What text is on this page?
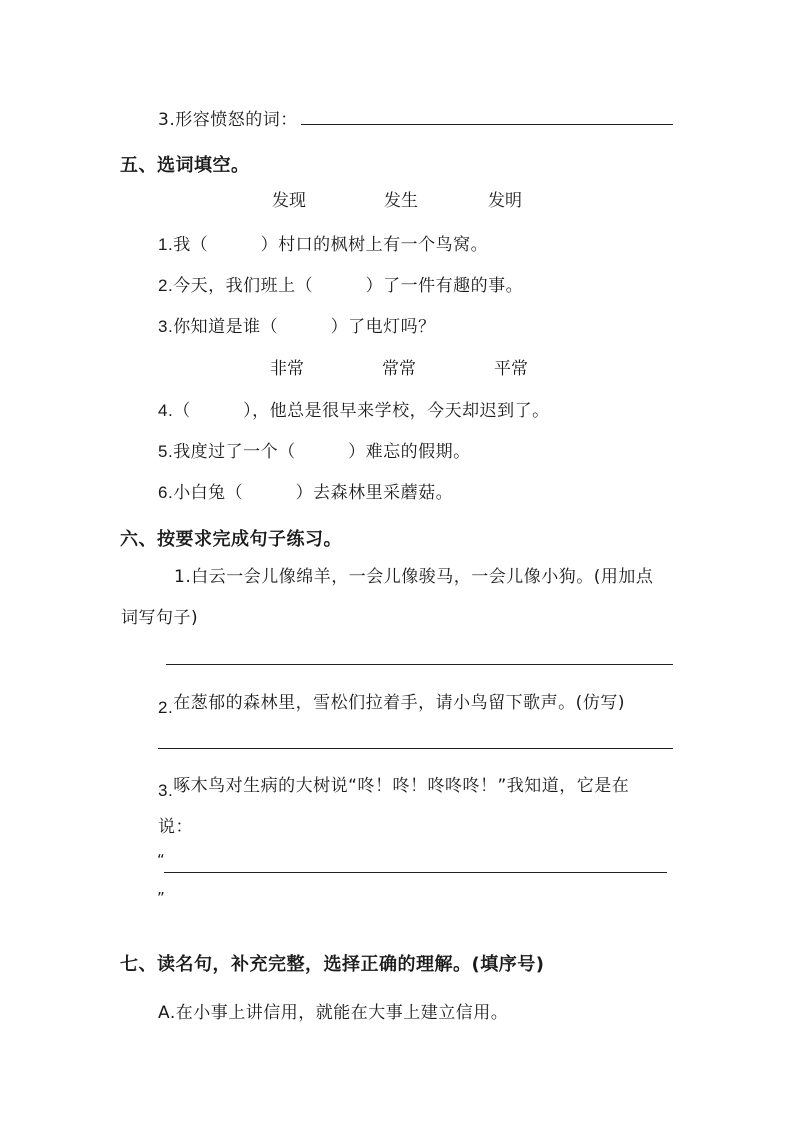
3.形容愤怒的词：
五、选词填空。
发现	发生	发明
1.我（　　　）村口的枫树上有一个鸟窝。
2.今天，我们班上（　　　）了一件有趣的事。
3.你知道是谁（　　　）了电灯吗？
非常	常常	平常
4.（　　　），他总是很早来学校，今天却迟到了。
5.我度过了一个（　　　）难忘的假期。
6.小白兔（　　　）去森林里采蘑菇。
六、按要求完成句子练习。
1.白云一会儿像绵羊，一会儿像骏马，一会儿像小狗。(用加点
词写句子)
2.在葱郁的森林里，雪松们拉着手，请小鸟留下歌声。(仿写)
3.啄木鸟对生病的大树说“咚！咚！咚咚咚！”我知道，它是在
说：
“
”
七、读名句，补充完整，选择正确的理解。(填序号)
A.在小事上讲信用，就能在大事上建立信用。
